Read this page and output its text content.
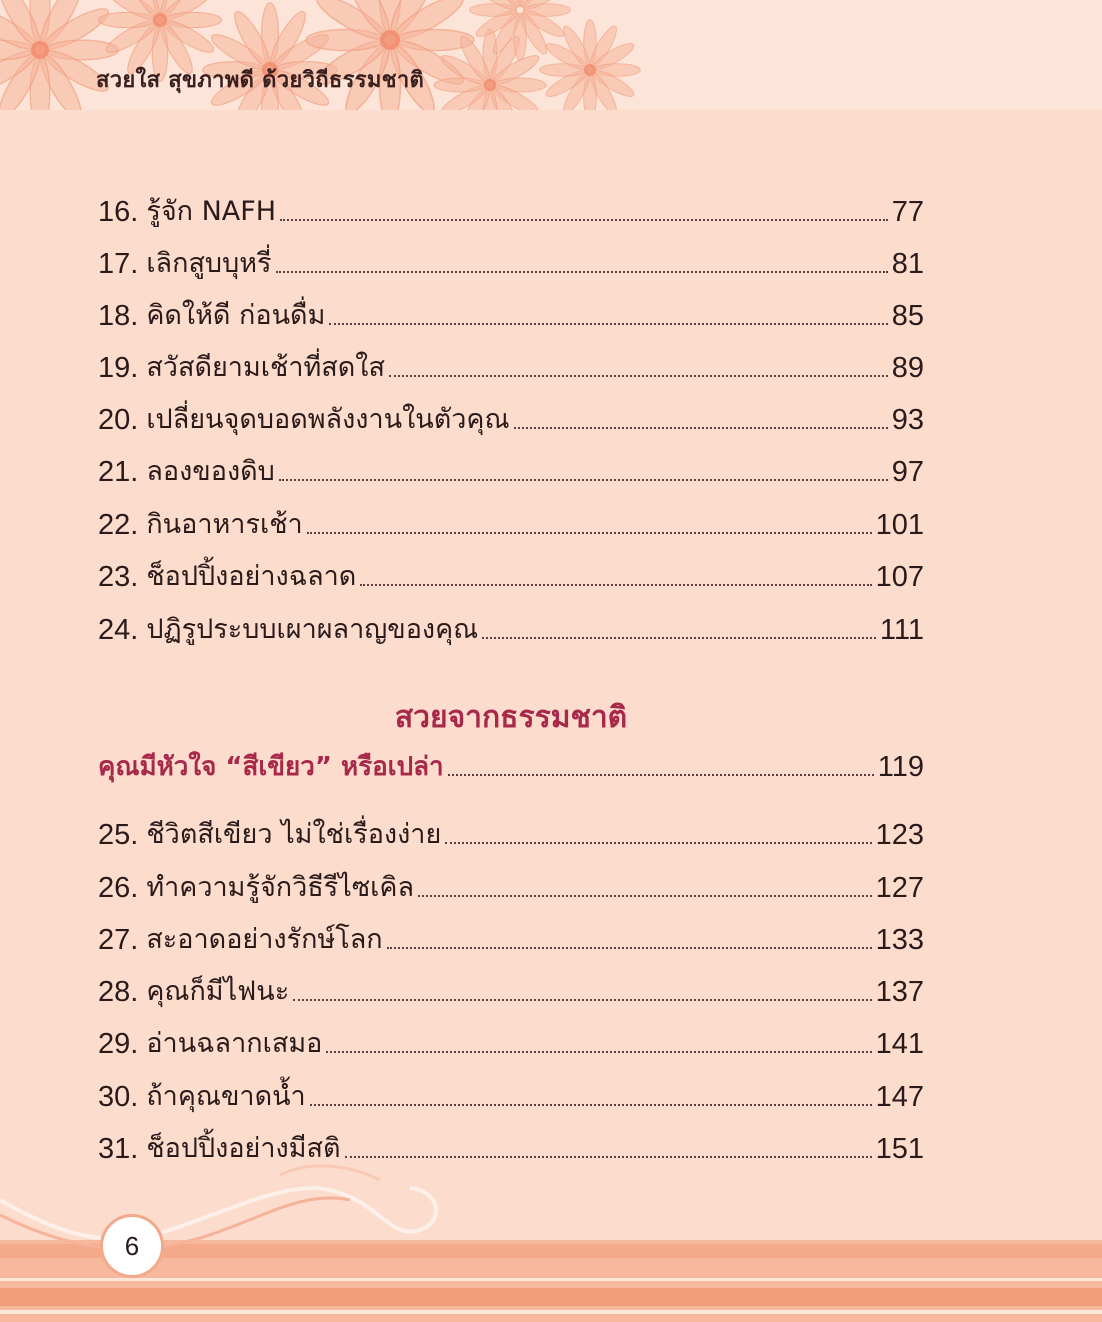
สวยใส สุขภาพดี ด้วยวิถีธรรมชาติ
16. รู้จัก NAFH	77
17. เลิกสูบบุหรี่	81
18. คิดให้ดี ก่อนดื่ม	85
19. สวัสดียามเช้าที่สดใส	89
20. เปลี่ยนจุดบอดพลังงานในตัวคุณ	93
21. ลองของดิบ	97
22. กินอาหารเช้า	101
23. ช็อปปิ้งอย่างฉลาด	107
24. ปฏิรูประบบเผาผลาญของคุณ	111
คุณมีหัวใจ “สีเขียว” หรือเปล่า	119
25. ชีวิตสีเขียว ไม่ใช่เรื่องง่าย	123
26. ทำความรู้จักวิธีรีไซเคิล	127
27. สะอาดอย่างรักษ์โลก	133
28. คุณก็มีไฟนะ	137
29. อ่านฉลากเสมอ	141
30. ถ้าคุณขาดน้ำ	147
31. ช็อปปิ้งอย่างมีสติ	151
สวยจากธรรมชาติ
6
